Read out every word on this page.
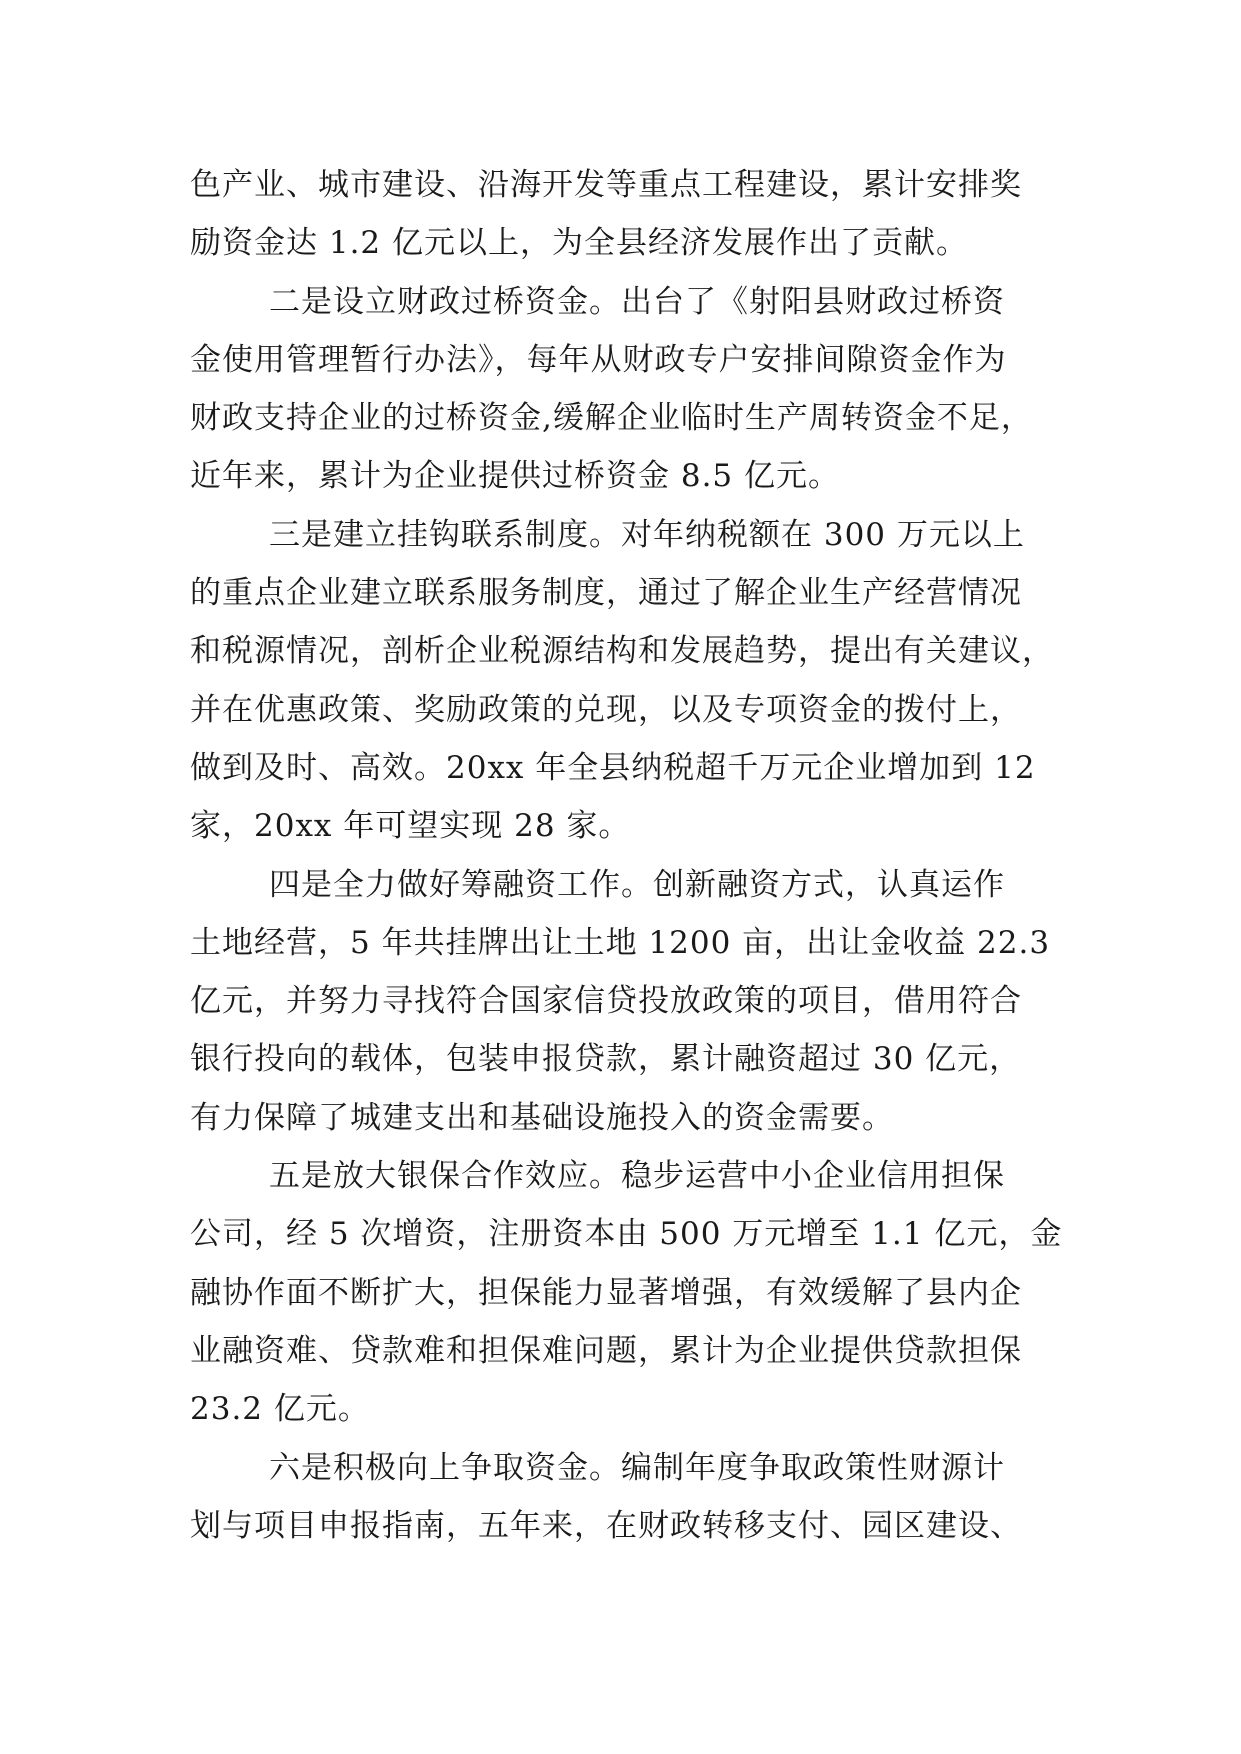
色产业、城市建设、沿海开发等重点工程建设，累计安排奖
励资金达 1.2 亿元以上，为全县经济发展作出了贡献。
二是设立财政过桥资金。出台了《射阳县财政过桥资
金使用管理暂行办法》，每年从财政专户安排间隙资金作为
财政支持企业的过桥资金,缓解企业临时生产周转资金不足，
近年来，累计为企业提供过桥资金 8.5 亿元。
三是建立挂钩联系制度。对年纳税额在 300 万元以上
的重点企业建立联系服务制度，通过了解企业生产经营情况
和税源情况，剖析企业税源结构和发展趋势，提出有关建议，
并在优惠政策、奖励政策的兑现，以及专项资金的拨付上，
做到及时、高效。20xx 年全县纳税超千万元企业增加到 12
家，20xx 年可望实现 28 家。
四是全力做好筹融资工作。创新融资方式，认真运作
土地经营，5 年共挂牌出让土地 1200 亩，出让金收益 22.3
亿元，并努力寻找符合国家信贷投放政策的项目，借用符合
银行投向的载体，包装申报贷款，累计融资超过 30 亿元，
有力保障了城建支出和基础设施投入的资金需要。
五是放大银保合作效应。稳步运营中小企业信用担保
公司，经 5 次增资，注册资本由 500 万元增至 1.1 亿元，金
融协作面不断扩大，担保能力显著增强，有效缓解了县内企
业融资难、贷款难和担保难问题，累计为企业提供贷款担保
23.2 亿元。
六是积极向上争取资金。编制年度争取政策性财源计
划与项目申报指南，五年来，在财政转移支付、园区建设、
